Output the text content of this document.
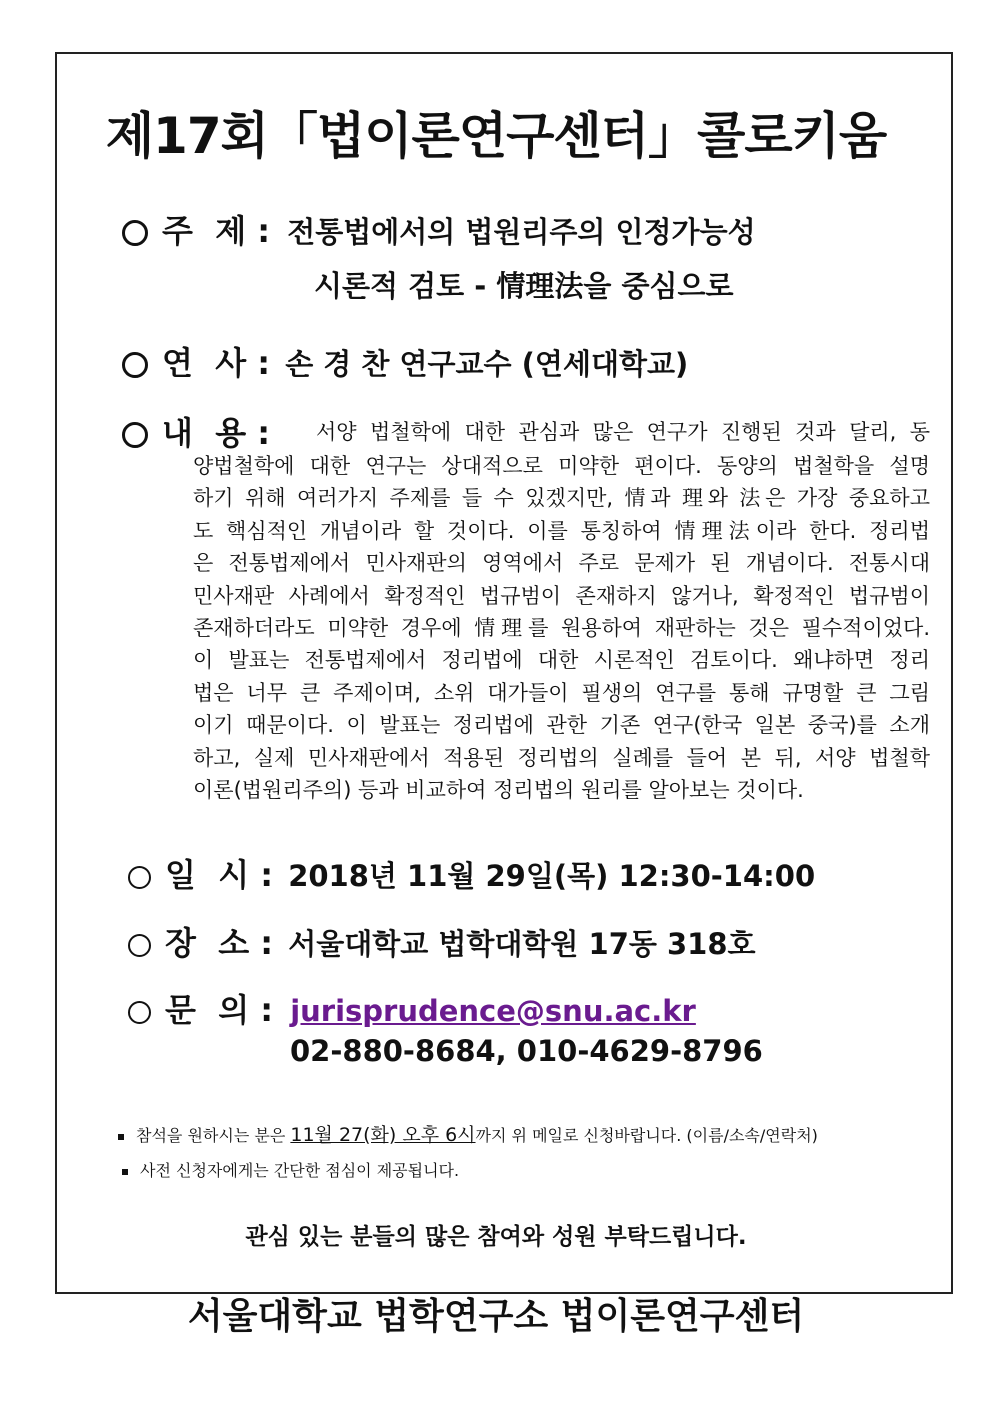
제17회「법이론연구센터」콜로키움
주  제 : 전통법에서의 법원리주의 인정가능성
시론적 검토 - 情理法을 중심으로
연  사 : 손 경 찬 연구교수 (연세대학교)
내  용 : 서양 법철학에 대한 관심과 많은 연구가 진행된 것과 달리, 동
양법철학에 대한 연구는 상대적으로 미약한 편이다. 동양의 법철학을 설명
하기 위해 여러가지 주제를 들 수 있겠지만, 情과 理와 法은 가장 중요하고
도 핵심적인 개념이라 할 것이다. 이를 통칭하여 情理法이라 한다. 정리법
은 전통법제에서 민사재판의 영역에서 주로 문제가 된 개념이다. 전통시대
민사재판 사례에서 확정적인 법규범이 존재하지 않거나, 확정적인 법규범이
존재하더라도 미약한 경우에 情理를 원용하여 재판하는 것은 필수적이었다.
이 발표는 전통법제에서 정리법에 대한 시론적인 검토이다. 왜냐하면 정리
법은 너무 큰 주제이며, 소위 대가들이 필생의 연구를 통해 규명할 큰 그림
이기 때문이다. 이 발표는 정리법에 관한 기존 연구(한국 일본 중국)를 소개
하고, 실제 민사재판에서 적용된 정리법의 실례를 들어 본 뒤, 서양 법철학
이론(법원리주의) 등과 비교하여 정리법의 원리를 알아보는 것이다.
일  시 : 2018년 11월 29일(목) 12:30-14:00
장  소 : 서울대학교 법학대학원 17동 318호
문  의 : jurisprudence@snu.ac.kr
02-880-8684, 010-4629-8796
참석을 원하시는 분은 11월 27(화) 오후 6시까지 위 메일로 신청바랍니다. (이름/소속/연락처)
사전 신청자에게는 간단한 점심이 제공됩니다.
관심 있는 분들의 많은 참여와 성원 부탁드립니다.
서울대학교 법학연구소 법이론연구센터
